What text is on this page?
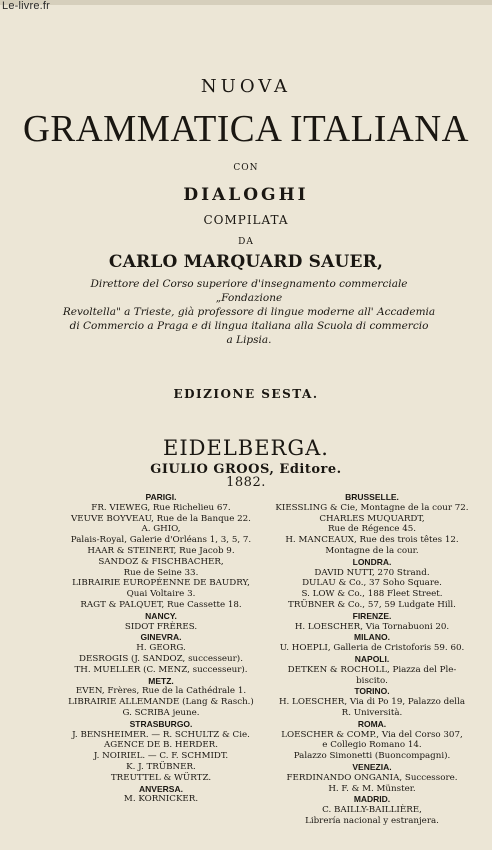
Le-livre.fr
NUOVA
GRAMMATICA ITALIANA
CON
DIALOGHI
COMPILATA
DA
CARLO MARQUARD SAUER,
Direttore del Corso superiore d'insegnamento commerciale „Fondazione
Revoltella" a Trieste, già professore di lingue moderne all' Accademia
di Commercio a Praga e di lingua italiana alla Scuola di commercio
a Lipsia.
EDIZIONE SESTA.
EIDELBERGA.
GIULIO GROOS, Editore.
1882.
PARIGI.
FR. VIEWEG, Rue Richelieu 67.
VEUVE BOYVEAU, Rue de la Banque 22.
A. GHIO,
Palais-Royal, Galerie d'Orléans 1, 3, 5, 7.
HAAR & STEINERT, Rue Jacob 9.
SANDOZ & FISCHBACHER,
Rue de Seine 33.
LIBRAIRIE EUROPÉENNE DE BAUDRY,
Quai Voltaire 3.
RAGT & PALQUET, Rue Cassette 18.
NANCY.
SIDOT FRÈRES.
GINEVRA.
H. GEORG.
DESROGIS (J. SANDOZ, successeur).
TH. MUELLER (C. MENZ, successeur).
METZ.
EVEN, Frères, Rue de la Cathédrale 1.
LIBRAIRIE ALLEMANDE (Lang & Rasch.)
G. SCRIBA jeune.
STRASBURGO.
J. BENSHEIMER. — R. SCHULTZ & Cie.
AGENCE DE B. HERDER.
J. NOIRIEL. — C. F. SCHMIDT.
K. J. TRÜBNER.
TREUTTEL & WÜRTZ.
ANVERSA.
M. KORNICKER.
BRUSSELLE.
KIESSLING & Cie, Montagne de la cour 72.
CHARLES MUQUARDT,
Rue de Régence 45.
H. MANCEAUX, Rue des trois têtes 12.
Montagne de la cour.
LONDRA.
DAVID NUTT, 270 Strand.
DULAU & Co., 37 Soho Square.
S. LOW & Co., 188 Fleet Street.
TRÜBNER & Co., 57, 59 Ludgate Hill.
FIRENZE.
H. LOESCHER, Via Tornabuoni 20.
MILANO.
U. HOEPLI, Galleria de Cristoforis 59. 60.
NAPOLI.
DETKEN & ROCHOLL, Piazza del Ple-
biscito.
TORINO.
H. LOESCHER, Via di Po 19, Palazzo della
R. Università.
ROMA.
LOESCHER & COMP., Via del Corso 307,
e Collegio Romano 14.
Palazzo Simonetti (Buoncompagni).
VENEZIA.
FERDINANDO ONGANIA, Successore.
H. F. & M. Münster.
MADRID.
C. BAILLY-BAILLIÈRE,
Librería nacional y estranjera.
